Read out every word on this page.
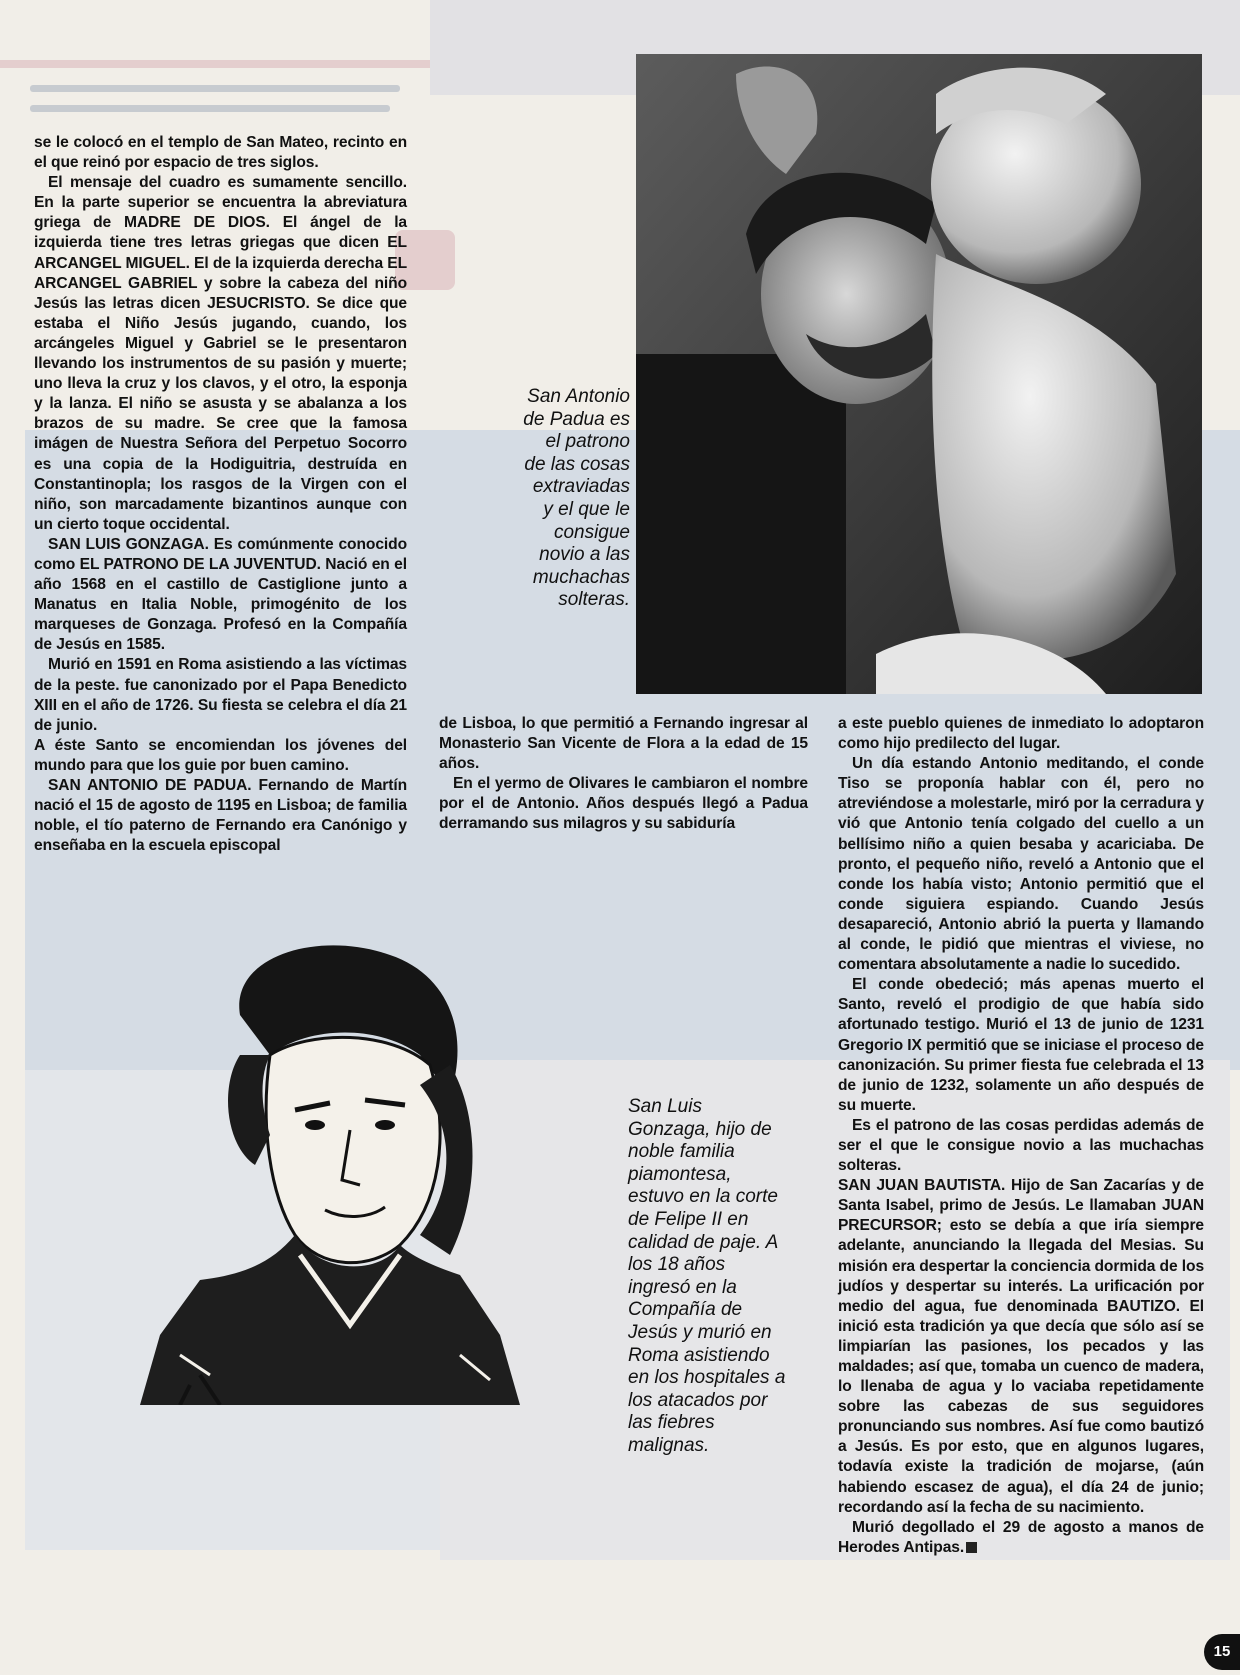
se le colocó en el templo de San Mateo, recinto en el que reinó por espacio de tres siglos.

El mensaje del cuadro es sumamente sencillo. En la parte superior se encuentra la abreviatura griega de MADRE DE DIOS. El ángel de la izquierda tiene tres letras griegas que dicen EL ARCANGEL MIGUEL. El de la izquierda derecha EL ARCANGEL GABRIEL y sobre la cabeza del niño Jesús las letras dicen JESUCRISTO. Se dice que estaba el Niño Jesús jugando, cuando, los arcángeles Miguel y Gabriel se le presentaron llevando los instrumentos de su pasión y muerte; uno lleva la cruz y los clavos, y el otro, la esponja y la lanza. El niño se asusta y se abalanza a los brazos de su madre. Se cree que la famosa imágen de Nuestra Señora del Perpetuo Socorro es una copia de la Hodiguitria, destruída en Constantinopla; los rasgos de la Virgen con el niño, son marcadamente bizantinos aunque con un cierto toque occidental.

SAN LUIS GONZAGA. Es comúnmente conocido como EL PATRONO DE LA JUVENTUD. Nació en el año 1568 en el castillo de Castiglione junto a Manatus en Italia Noble, primogénito de los marqueses de Gonzaga. Profesó en la Compañía de Jesús en 1585.

Murió en 1591 en Roma asistiendo a las víctimas de la peste. fue canonizado por el Papa Benedicto XIII en el año de 1726. Su fiesta se celebra el día 21 de junio.

A éste Santo se encomiendan los jóvenes del mundo para que los guie por buen camino.

SAN ANTONIO DE PADUA. Fernando de Martín nació el 15 de agosto de 1195 en Lisboa; de familia noble, el tío paterno de Fernando era Canónigo y enseñaba en la escuela episcopal

San Antonio de Padua es el patrono de las cosas extraviadas y el que le consigue novio a las muchachas solteras.

de Lisboa, lo que permitió a Fernando ingresar al Monasterio San Vicente de Flora a la edad de 15 años.

En el yermo de Olivares le cambiaron el nombre por el de Antonio. Años después llegó a Padua derramando sus milagros y su sabiduría

a este pueblo quienes de inmediato lo adoptaron como hijo predilecto del lugar.

Un día estando Antonio meditando, el conde Tiso se proponía hablar con él, pero no atreviéndose a molestarle, miró por la cerradura y vió que Antonio tenía colgado del cuello a un bellísimo niño a quien besaba y acariciaba. De pronto, el pequeño niño, reveló a Antonio que el conde los había visto; Antonio permitió que el conde siguiera espiando. Cuando Jesús desapareció, Antonio abrió la puerta y llamando al conde, le pidió que mientras el viviese, no comentara absolutamente a nadie lo sucedido.

El conde obedeció; más apenas muerto el Santo, reveló el prodigio de que había sido afortunado testigo. Murió el 13 de junio de 1231 Gregorio IX permitió que se iniciase el proceso de canonización. Su primer fiesta fue celebrada el 13 de junio de 1232, solamente un año después de su muerte.

Es el patrono de las cosas perdidas además de ser el que le consigue novio a las muchachas solteras.

SAN JUAN BAUTISTA. Hijo de San Zacarías y de Santa Isabel, primo de Jesús. Le llamaban JUAN PRECURSOR; esto se debía a que iría siempre adelante, anunciando la llegada del Mesias. Su misión era despertar la conciencia dormida de los judíos y despertar su interés. La urificación por medio del agua, fue denominada BAUTIZO. El inició esta tradición ya que decía que sólo así se limpiarían las pasiones, los pecados y las maldades; así que, tomaba un cuenco de madera, lo llenaba de agua y lo vaciaba repetidamente sobre las cabezas de sus seguidores pronunciando sus nombres. Así fue como bautizó a Jesús. Es por esto, que en algunos lugares, todavía existe la tradición de mojarse, (aún habiendo escasez de agua), el día 24 de junio; recordando así la fecha de su nacimiento.

Murió degollado el 29 de agosto a manos de Herodes Antipas.

San Luis Gonzaga, hijo de noble familia piamontesa, estuvo en la corte de Felipe II en calidad de paje. A los 18 años ingresó en la Compañía de Jesús y murió en Roma asistiendo en los hospitales a los atacados por las fiebres malignas.
15
